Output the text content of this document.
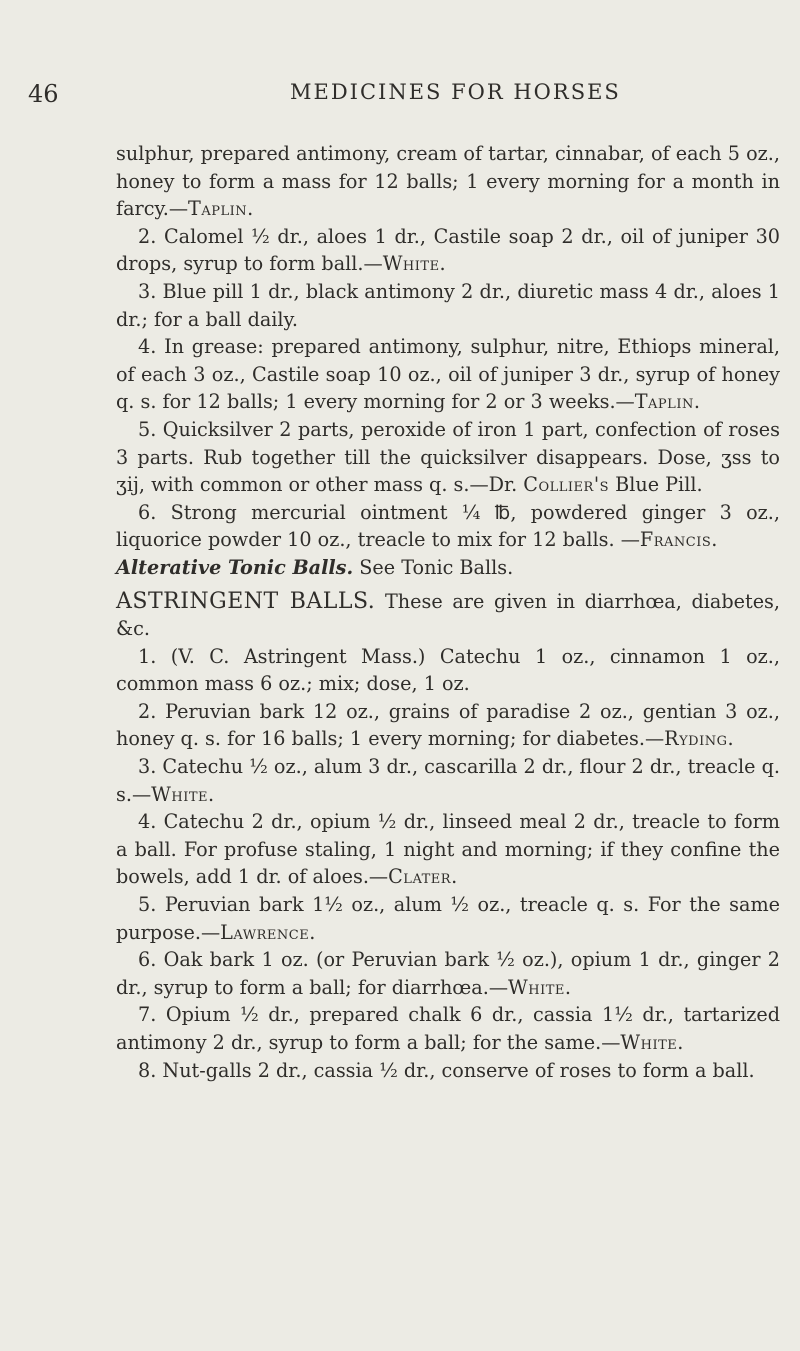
46	MEDICINES FOR HORSES

sulphur, prepared antimony, cream of tartar, cinnabar, of each 5 oz., honey to form a mass for 12 balls; 1 every morning for a month in farcy.—Taplin.

2. Calomel ½ dr., aloes 1 dr., Castile soap 2 dr., oil of juniper 30 drops, syrup to form ball.—White.

3. Blue pill 1 dr., black antimony 2 dr., diuretic mass 4 dr., aloes 1 dr.; for a ball daily.

4. In grease: prepared antimony, sulphur, nitre, Ethiops mineral, of each 3 oz., Castile soap 10 oz., oil of juniper 3 dr., syrup of honey q. s. for 12 balls; 1 every morning for 2 or 3 weeks.—Taplin.

5. Quicksilver 2 parts, peroxide of iron 1 part, confection of roses 3 parts. Rub together till the quicksilver disappears. Dose, ʒss to ʒij, with common or other mass q. s.—Dr. Collier's Blue Pill.

6. Strong mercurial ointment ¼ ℔, powdered ginger 3 oz., liquorice powder 10 oz., treacle to mix for 12 balls. —Francis.

Alterative Tonic Balls. See Tonic Balls.

ASTRINGENT BALLS. These are given in diarrhœa, diabetes, &c.

1. (V. C. Astringent Mass.) Catechu 1 oz., cinnamon 1 oz., common mass 6 oz.; mix; dose, 1 oz.

2. Peruvian bark 12 oz., grains of paradise 2 oz., gentian 3 oz., honey q. s. for 16 balls; 1 every morning; for diabetes.—Ryding.

3. Catechu ½ oz., alum 3 dr., cascarilla 2 dr., flour 2 dr., treacle q. s.—White.

4. Catechu 2 dr., opium ½ dr., linseed meal 2 dr., treacle to form a ball. For profuse staling, 1 night and morning; if they confine the bowels, add 1 dr. of aloes.—Clater.

5. Peruvian bark 1½ oz., alum ½ oz., treacle q. s. For the same purpose.—Lawrence.

6. Oak bark 1 oz. (or Peruvian bark ½ oz.), opium 1 dr., ginger 2 dr., syrup to form a ball; for diarrhœa.—White.

7. Opium ½ dr., prepared chalk 6 dr., cassia 1½ dr., tartarized antimony 2 dr., syrup to form a ball; for the same.—White.

8. Nut-galls 2 dr., cassia ½ dr., conserve of roses to form a ball.
